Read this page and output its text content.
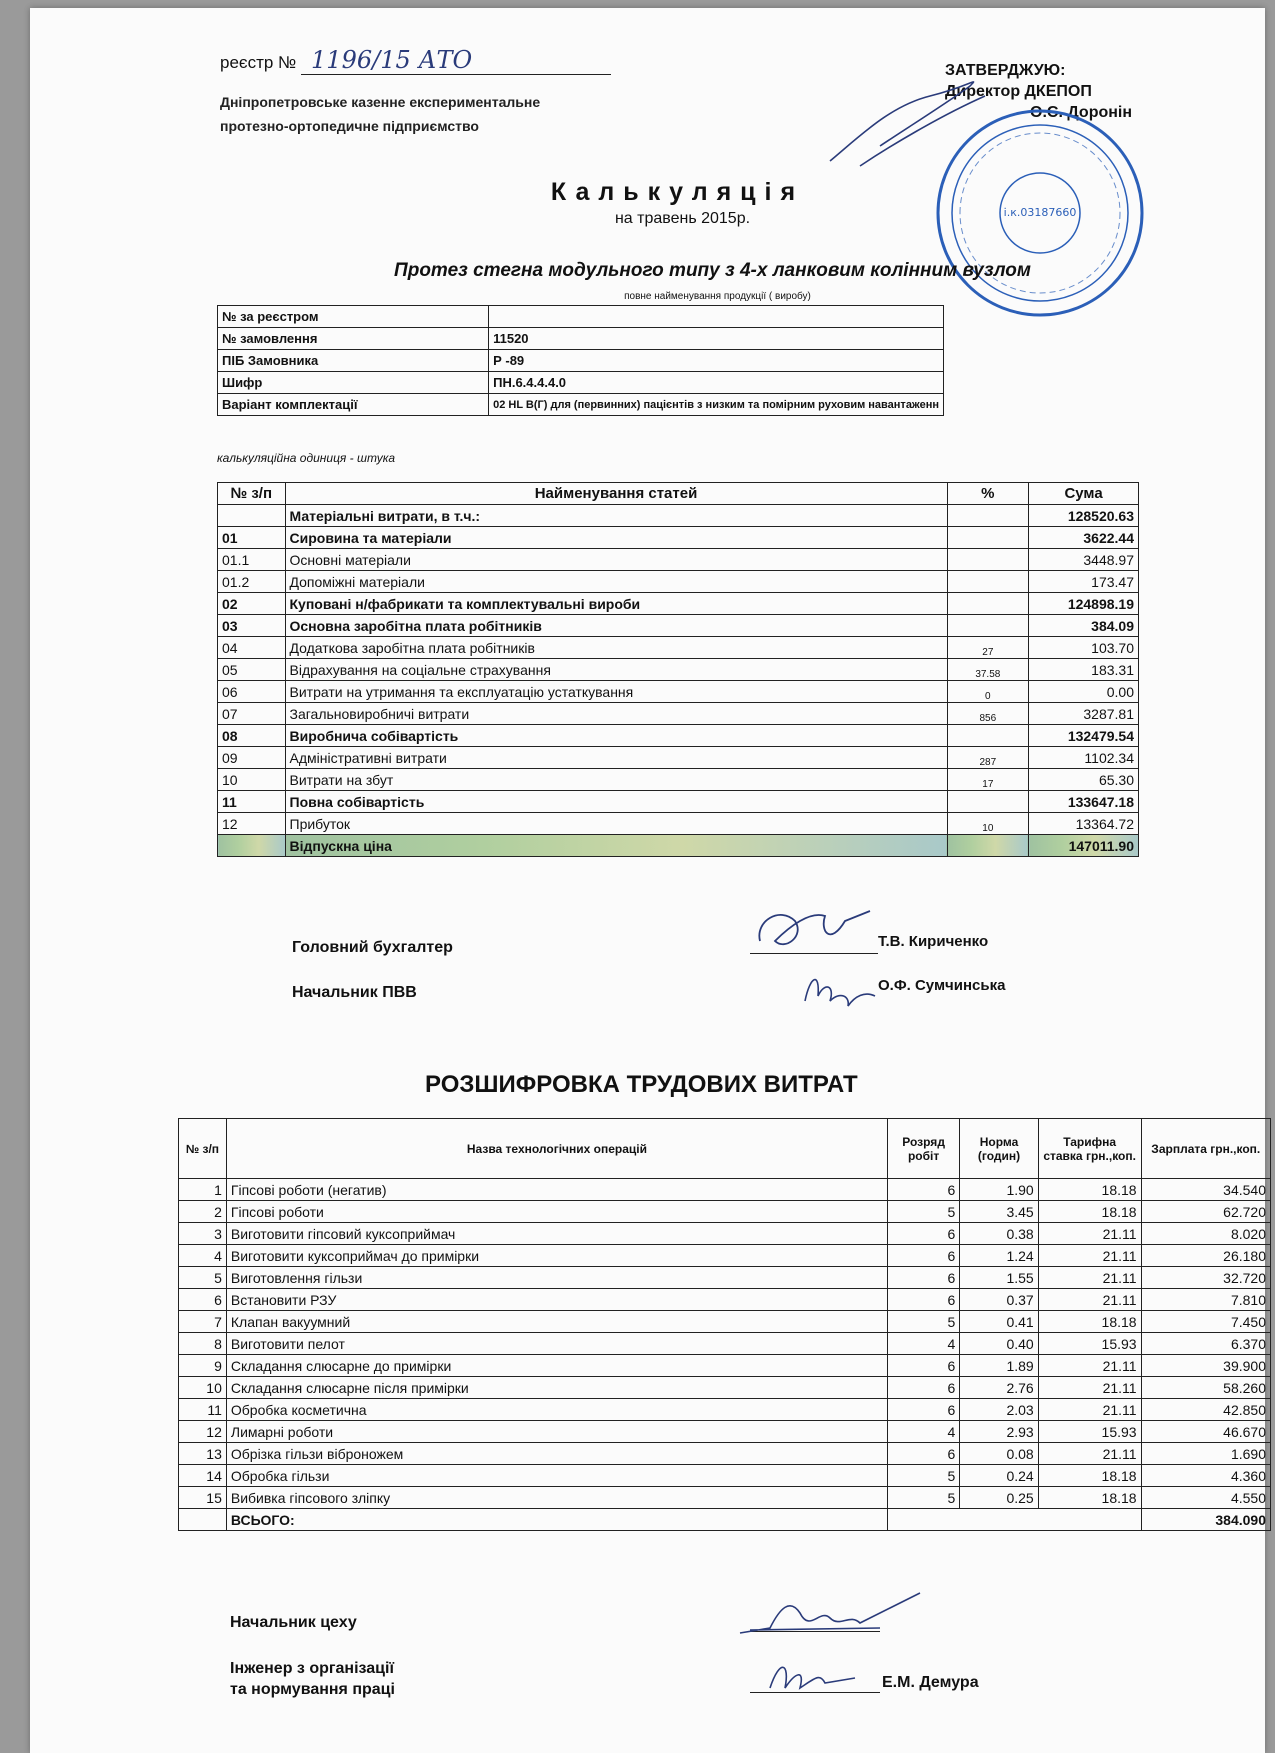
реєстр № 1196/15 АТО
Дніпропетровське казенне експериментальне
протезно-ортопедичне підприємство
ЗАТВЕРДЖУЮ:
Директор ДКЕПОП
О.С. Доронін
і.к.03187660
Калькуляція
на травень 2015р.
Протез стегна модульного типу з 4-х ланковим колінним вузлом
повне найменування продукції ( виробу)
№ за реєстром	
№ замовлення	11520
ПІБ Замовника	Р -89
Шифр	ПН.6.4.4.4.0
Варіант комплектації	02 HL В(Г) для (первинних) пацієнтів з низким та помірним руховим навантаженн
калькуляційна одиниця - штука
№ з/п	Найменування статей	%	Сума
	Матеріальні витрати, в т.ч.:		128520.63
01	Сировина та матеріали		3622.44
01.1	Основні матеріали		3448.97
01.2	Допоміжні матеріали		173.47
02	Куповані н/фабрикати та комплектувальні вироби		124898.19
03	Основна заробітна плата робітників		384.09
04	Додаткова заробітна плата робітників	27	103.70
05	Відрахування на соціальне страхування	37.58	183.31
06	Витрати на утримання та експлуатацію устаткування	0	0.00
07	Загальновиробничі витрати	856	3287.81
08	Виробнича собівартість		132479.54
09	Адміністративні витрати	287	1102.34
10	Витрати на збут	17	65.30
11	Повна собівартість		133647.18
12	Прибуток	10	13364.72
	Відпускна ціна		147011.90
Головний бухгалтер
Начальник ПВВ
Т.В. Кириченко
О.Ф. Сумчинська
РОЗШИФРОВКА ТРУДОВИХ ВИТРАТ
№ з/п	Назва технологічних операцій	Розряд робіт	Норма (годин)	Тарифна ставка грн.,коп.	Зарплата грн.,коп.
1	Гіпсові роботи (негатив)	6	1.90	18.18	34.540
2	Гіпсові роботи	5	3.45	18.18	62.720
3	Виготовити гіпсовий куксоприймач	6	0.38	21.11	8.020
4	Виготовити куксоприймач до примірки	6	1.24	21.11	26.180
5	Виготовлення гільзи	6	1.55	21.11	32.720
6	Встановити РЗУ	6	0.37	21.11	7.810
7	Клапан вакуумний	5	0.41	18.18	7.450
8	Виготовити пелот	4	0.40	15.93	6.370
9	Складання слюсарне до примірки	6	1.89	21.11	39.900
10	Складання слюсарне після примірки	6	2.76	21.11	58.260
11	Обробка косметична	6	2.03	21.11	42.850
12	Лимарні роботи	4	2.93	15.93	46.670
13	Обрізка гільзи віброножем	6	0.08	21.11	1.690
14	Обробка гільзи	5	0.24	18.18	4.360
15	Вибивка гіпсового зліпку	5	0.25	18.18	4.550
	ВСЬОГО:				384.090
Начальник цеху
Інженер з організації
та нормування праці	Е.М. Демура
